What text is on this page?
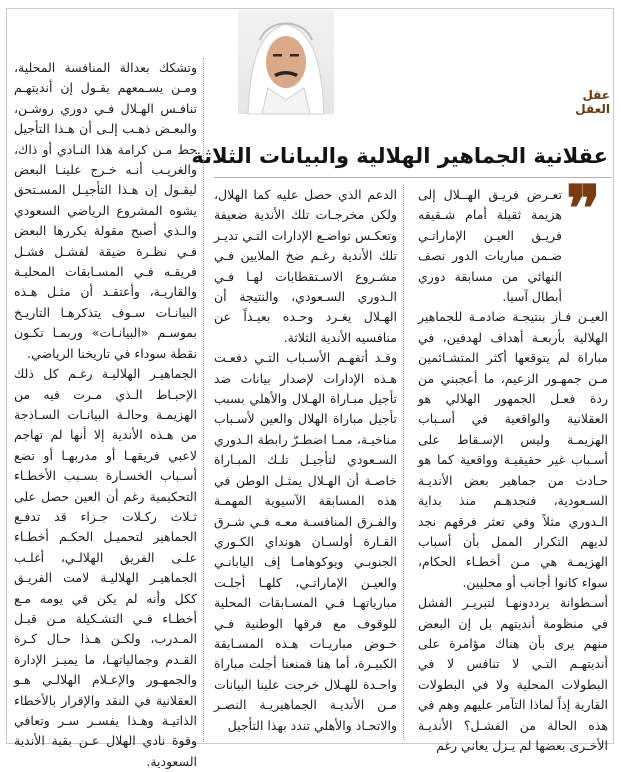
عقل العقل
عقلانية الجماهير الهلالية والبيانات الثلاثة
❞

تعـرض فريـق الهــلال إلى هزيمة ثقيلة أمام شـقيقه فريـق العيـن الإماراتـي ضـمن مباريات الدور نصف النهائي من مسابقة دوري أبطال آسيا.

العيـن فـاز بنتيجـة صادمـة للجماهير الهلالية بأربعـة أهداف لهدفين، في مباراة لم يتوقعها أكثر المتشـائمين مـن جمهـور الزعيم، ما أعجبني من ردة فعـل الجمهور الهلالي هو العقلانية والواقعية في أسـباب الهزيمـة وليس الإسـقاط على أسـباب غير حقيقيـة وواقعية كما هو حـادث من جماهير بعض الأنديـة السـعودية، فنجدهـم منذ بداية الـدوري مثلاً وفي تعثر فرقهم نجد لديهم التكرار الممل بأن أسباب الهزيمـة هي مـن أخطـاء الحكام، سواء كانوا أجانب أو محليين.

أسـطوانة يرددونهـا لتبريـر الفشل في منظومة أنديتهم بل إن البعض منهم يرى بأن هناك مؤامرة على أنديتهـم التـي لا تنافس لا في البطولات المحلية ولا في البطولات القارية إذاً لماذا التآمر عليهم وهم في هذه الحالة من الفشـل؟ الأنديـة الأخـرى بعضها لم يـزل يعاني رغم

الدعم الذي حصل عليه كما الهلال، ولكن مخرجـات تلك الأندية ضعيفة وتعكـس تواضـع الإدارات التـي تديـر تلك الأندية رغـم ضخ الملايين فـي مشـروع الاسـتقطابات لهـا فـي الـدوري السـعودي، والنتيجة أن الهـلال يغـرد وحـده بعيـداً عن منافسيه الأندية الثلاثة.

وقـد أتفهـم الأسـباب التـي دفعـت هـذه الإدارات لإصدار بيانات ضد تأجيل مبـاراة الهـلال والأهلي بسبب تأجيل مباراة الهلال والعين لأسـباب مناخيـة، ممـا اضطـرّ رابطة الـدوري السـعودي لتأجيـل تلـك المبـاراة خاصـة أن الهـلال يمثـل الوطن في هذه المسابقة الآسيوية المهمـة والفـرق المنافسـة معـه فـي شـرق القـارة أولسـان هونداي الكـوري الجنوبـي ويوكوهامـا إف اليابانـي والعيـن الإماراتـي، كلهـا أجلـت مبارياتهـا فـي المسـابقات المحلية للوقوف مع فرقها الوطنية فـي خـوض مباريـات هـذه المسـابقة الكبيـرة، أما هنا فمنعنا أجلت مباراة واحـدة للهـلال خرجت علينا البيانات مـن الأنديـة الجماهيريـة النصـر والاتحـاد والأهلي تندد بهذا التأجيل

وتشكك بعدالة المنافسة المحلية، ومـن يسـمعهم يقـول إن أنديتهـم تنافـس الهـلال فـي دوري روشـن، والبعـض ذهـب إلـى أن هـذا التأجيل حط مـن كرامة هذا النـادي أو ذاك، والغريـب أنـه خـرج علينـا البعض ليقـول إن هـذا التأجيـل المسـتحق يشوه المشروع الرياضي السعودي والـذي أصبح مقولة يكررها البعض فـي نظـرة ضيقة لفشـل فشـل فريقـه فـي المسـابقات المحليـة والقاريـة، وأعتقـد أن مثـل هـذه البيانـات سـوف يتذكرهـا التاريـخ بموسـم «البيانـات» وربمـا تكـون نقطة سوداء في تاريخنا الرياضي.

الجماهيـر الهلاليـة رغـم كل ذلك الإحبـاط الـذي مـرت فيه من الهزيمـة وحالـة البيانـات السـاذجة من هـذه الأندية إلا أنها لم تهاجم لاعبي فريقهـا أو مدربهـا أو تضع أسـباب الخسـارة بسـبب الأخطـاء التحكيمية رغم أن العين حصل على ثـلاث ركـلات جـزاء قد تدفـع الجماهير لتحميـل الحكـم أخطـاء علـى الفريق الهلالـي، أغلـب الجماهيـر الهلاليـة لامت الفريـق ككل وأنه لم يكن في يومه مـع أخطـاء فـي التشـكيلة مـن قبـل المـدرب، ولكـن هـذا حـال كـرة القـدم وجمالياتهـا، ما يميـز الإدارة والجمهـور والإعـلام الهلالـي هـو العقلانية في النقد والإقرار بالأخطاء الذاتيـة وهـذا يفسـر سـر وتعافي وقوة نادي الهلال عـن بقية الأندية السعودية.
